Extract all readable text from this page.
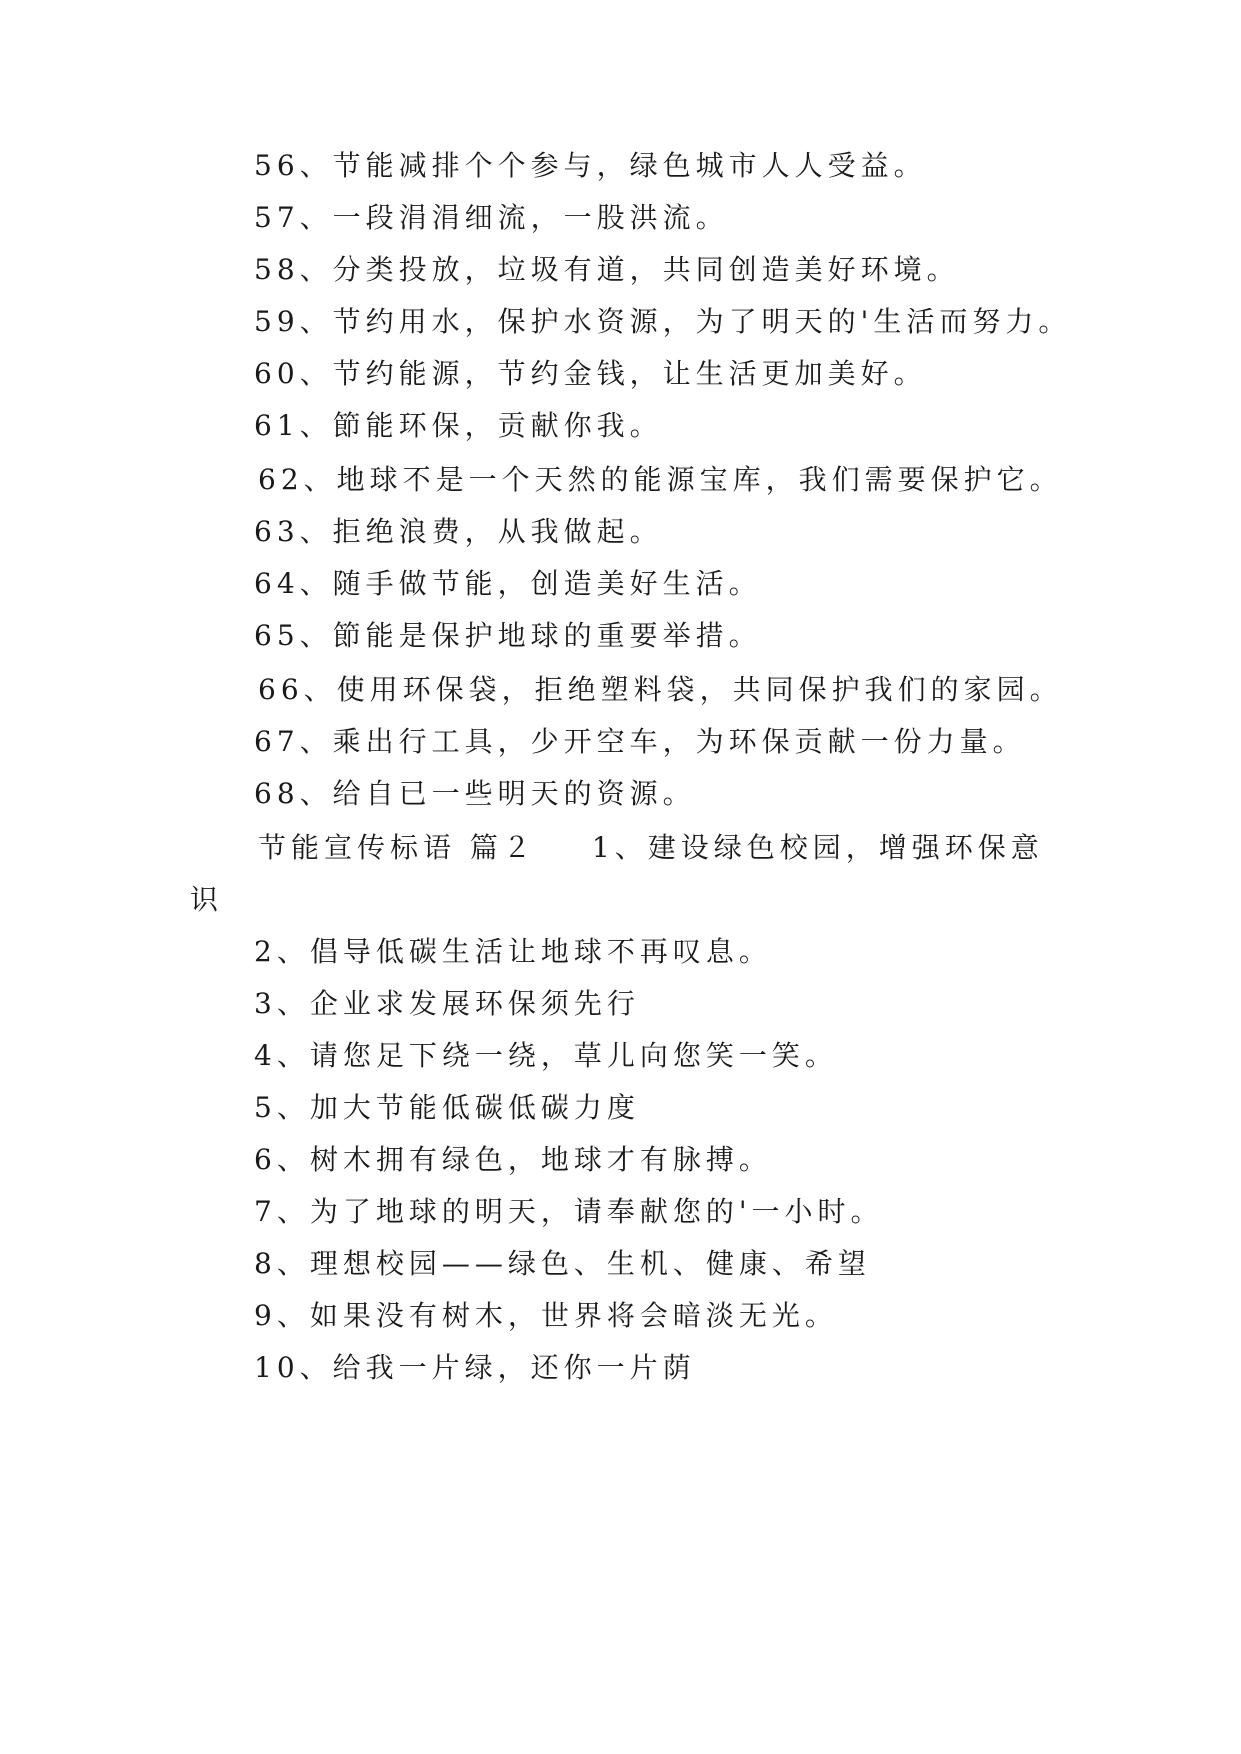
56、节能减排个个参与，绿色城市人人受益。
57、一段涓涓细流，一股洪流。
58、分类投放，垃圾有道，共同创造美好环境。
59、节约用水，保护水资源，为了明天的'生活而努力。
60、节约能源，节约金钱，让生活更加美好。
61、節能环保，贡献你我。
62、地球不是一个天然的能源宝库，我们需要保护它。
63、拒绝浪费，从我做起。
64、随手做节能，创造美好生活。
65、節能是保护地球的重要举措。
66、使用环保袋，拒绝塑料袋，共同保护我们的家园。
67、乘出行工具，少开空车，为环保贡献一份力量。
68、给自已一些明天的资源。
节能宣传标语 篇２ 1、建设绿色校园，增强环保意
识
2、倡导低碳生活让地球不再叹息。
3、企业求发展环保须先行
4、请您足下绕一绕，草儿向您笑一笑。
5、加大节能低碳低碳力度
6、树木拥有绿色，地球才有脉搏。
7、为了地球的明天，请奉献您的'一小时。
8、理想校园——绿色、生机、健康、希望
9、如果没有树木，世界将会暗淡无光。
10、给我一片绿，还你一片荫
